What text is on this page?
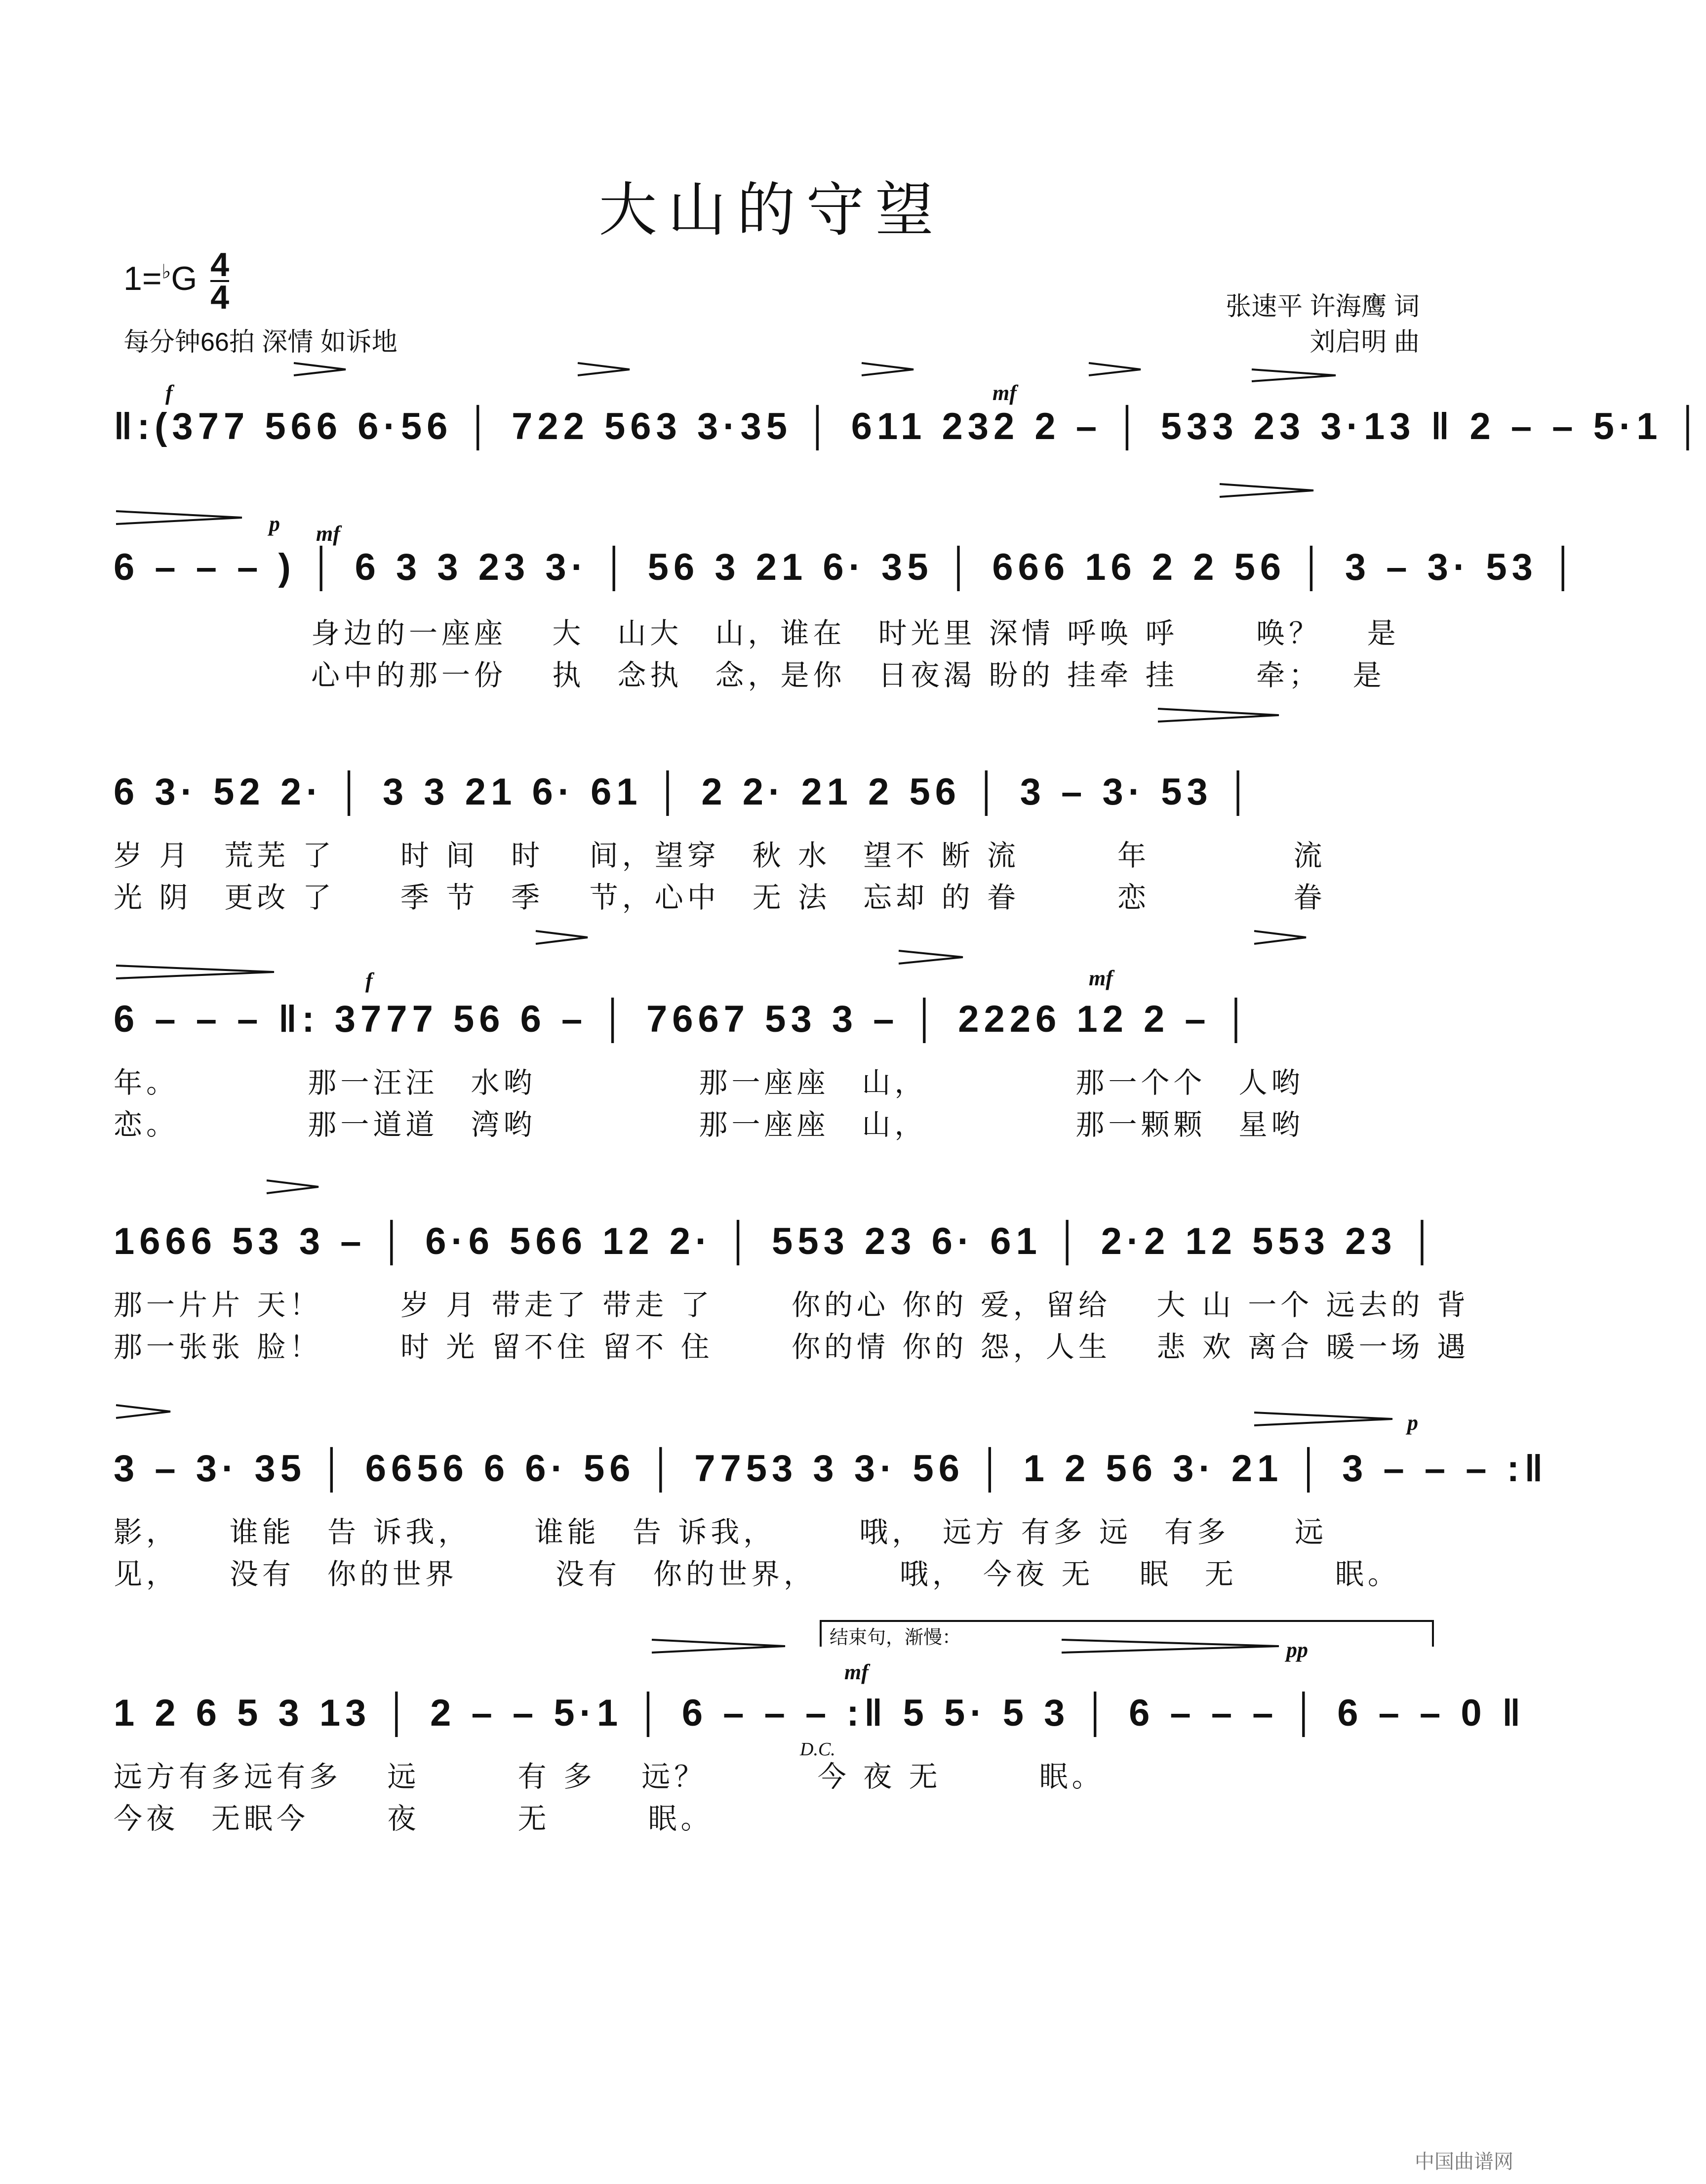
大山的守望
$1=^♭G \frac{4}{4}$
每分钟66拍 深情 如诉地
张速平 许海鹰 词
刘启明 曲
‖:(377 566 6·56 │ 722 563 3·35 │ 611 232 2 – │ 533 23 3·13 ‖ 2 – – 5·1 │
f	mf
6 – – – ) │ 6 3 3 23 3· │ 56 3 21 6· 35 │ 666 16 2 2 56 │ 3 – 3· 53 │
身边的一座座　 大　山大　山，谁在　时光里 深情 呼唤 呼　　 唤？　 是
心中的那一份　 执　念执　念，是你　日夜渴 盼的 挂牵 挂　　 牵；　 是
p mf
6 3· 52 2· │ 3 3 21 6· 61 │ 2 2· 21 2 56 │ 3 – 3· 53 │
岁 月　荒芜 了　　时 间　时　 间，望穿　秋 水　望不 断 流　　　年　　　　 流
光 阴　更改 了　　季 节　季　 节，心中　无 法　忘却 的 眷　　　恋　　　　 眷
6 – – – ‖: 3777 56 6 – │ 7667 53 3 – │ 2226 12 2 – │
年。　　　　 那一汪汪　水哟　　　　　那一座座　山，　　　　　那一个个　人哟
恋。　　　　 那一道道　湾哟　　　　　那一座座　山，　　　　　那一颗颗　星哟
f	mf
1666 53 3 – │ 6·6 566 12 2· │ 553 23 6· 61 │ 2·2 12 553 23 │
那一片片 天！　　 岁 月 带走了 带走 了　　 你的心 你的 爱，留给　 大 山 一个 远去的 背
那一张张 脸！　　 时 光 留不住 留不 住　　 你的情 你的 怨，人生　 悲 欢 离合 暖一场 遇
3 – 3· 35 │ 6656 6 6· 56 │ 7753 3 3· 56 │ 1 2 56 3· 21 │ 3 – – – :‖
影，　　谁能　告 诉我，　　 谁能　告 诉我，　　　哦，　远方 有多 远　有多　　远
见，　　没有　你的世界　　　没有　你的世界，　　　哦，　今夜 无　 眠　无　　　眠。
p
结束句，渐慢：
1 2 6 5 3 13 │ 2 – – 5·1 │ 6 – – – :‖ 5 5· 5 3 │ 6 – – – │ 6 – – 0 ‖
远方有多远有多　 远　　　有 多　 远？　　　 今 夜 无　　　眠。
今夜　无眠今　　 夜　　　无　　　眠。
mf
pp
D.C.
中国曲谱网
